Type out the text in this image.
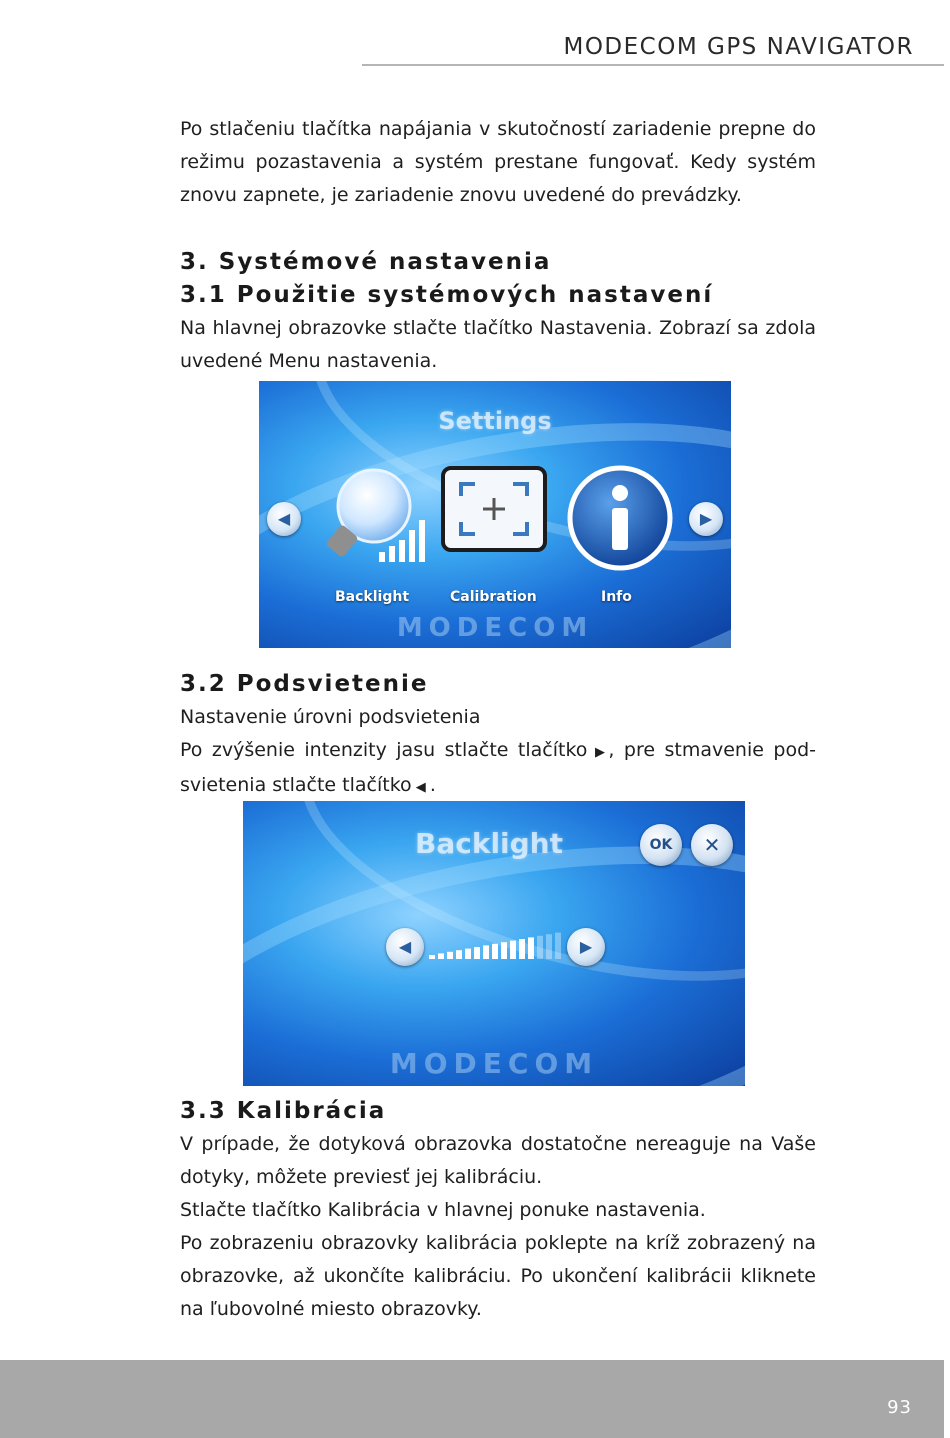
MODECOM GPS NAVIGATOR

Po stlačeniu tlačítka napájania v skutočností zariadenie prepne do režimu pozastavenia a systém prestane fungovať. Kedy systém znovu zapnete, je zariadenie znovu uvedené do prevádzky.

3. Systémové nastavenia
3.1 Použitie systémových nastavení

Na hlavnej obrazovke stlačte tlačítko Nastavenia. Zobrazí sa zdola uvedené Menu nastavenia.

Settings
◀	▶
Backlight	Calibration	Info
MODECOM
3.2 Podsvietenie

Nastavenie úrovni podsvietenia

Po zvýšenie intenzity jasu stlačte tlačítko ▶, pre stmavenie pod-svietenia stlačte tlačítko ◀ .

Backlight	OK	✕
◀	▶
MODECOM
3.3 Kalibrácia

V prípade, že dotyková obrazovka dostatočne nereaguje na Vaše dotyky, môžete previesť jej kalibráciu.

Stlačte tlačítko Kalibrácia v hlavnej ponuke nastavenia.

Po zobrazeniu obrazovky kalibrácia poklepte na kríž zobrazený na obrazovke, až ukončíte kalibráciu. Po ukončení kalibrácii kliknete na ľubovolné miesto obrazovky.

93
